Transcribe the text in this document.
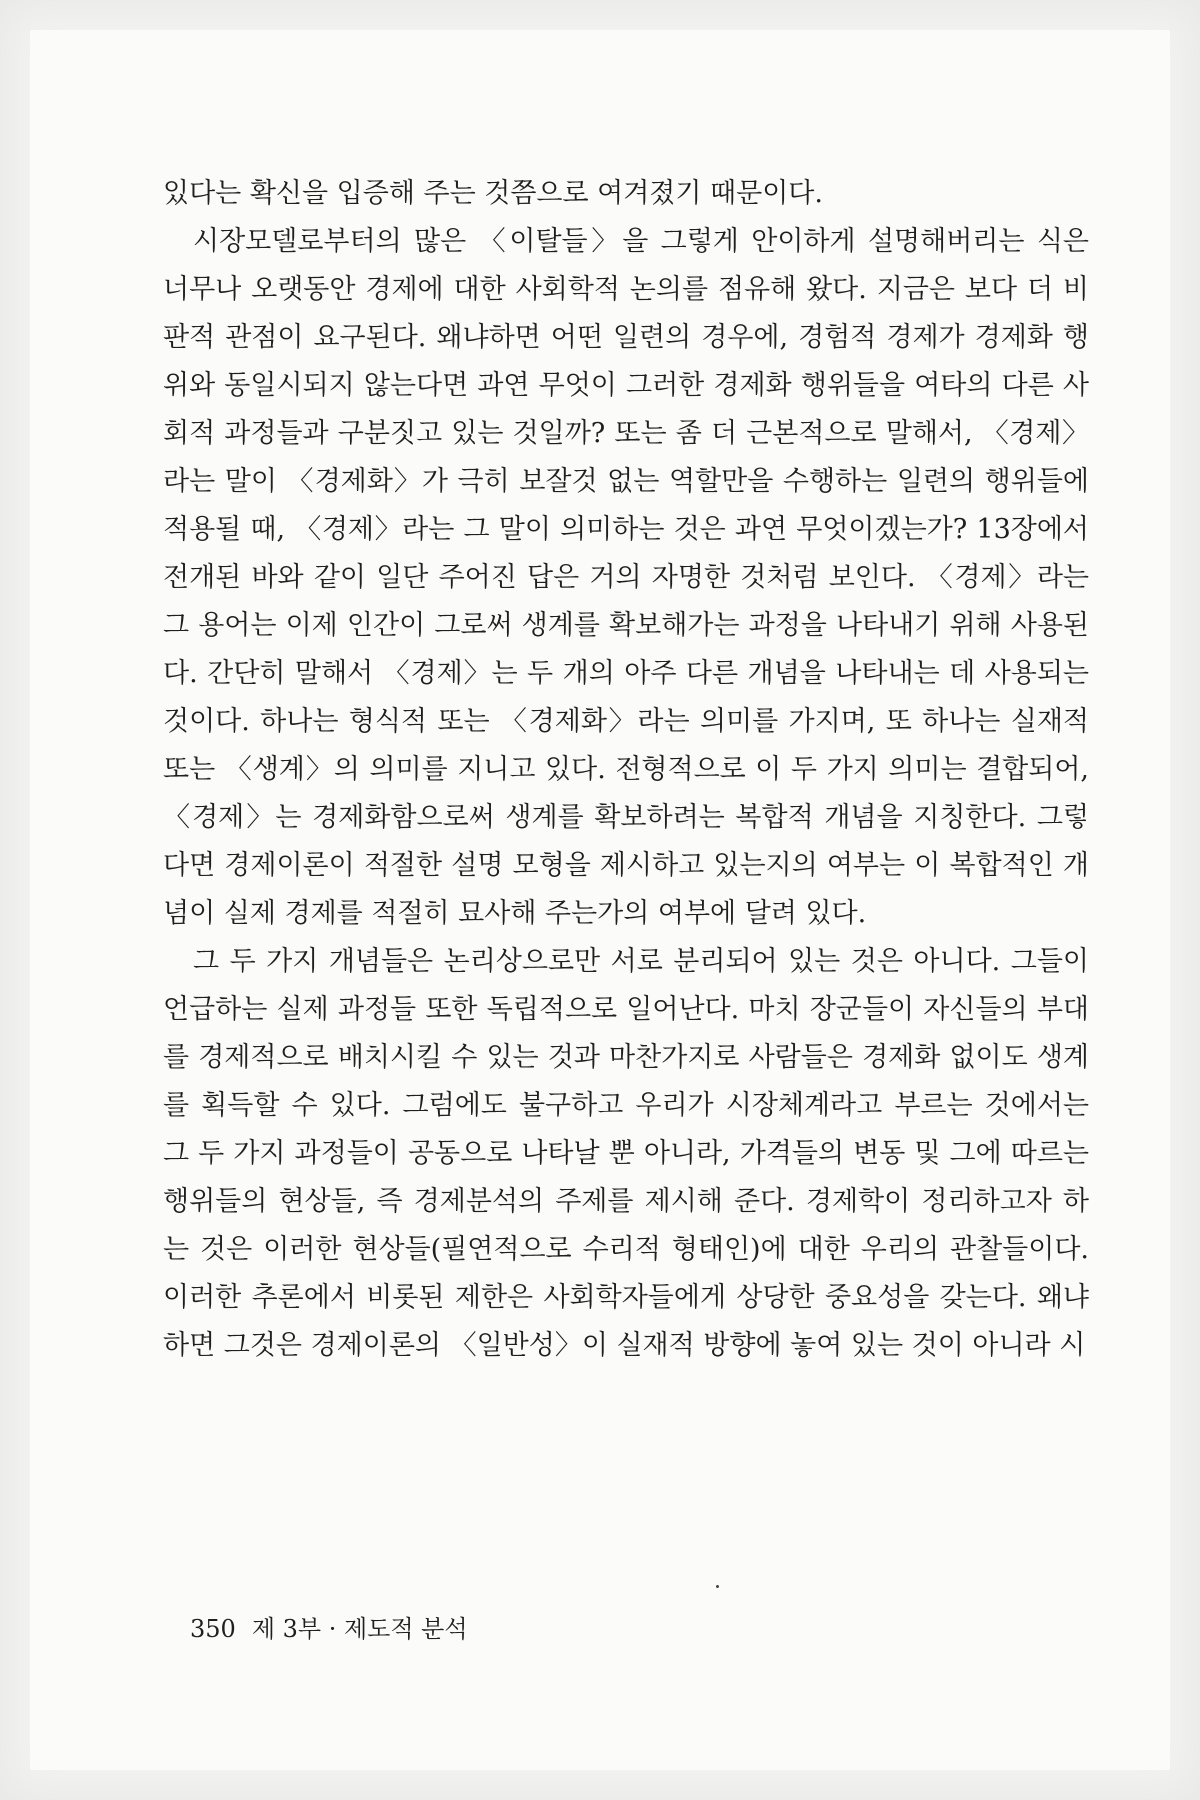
있다는 확신을 입증해 주는 것쯤으로 여겨졌기 때문이다.

시장모델로부터의 많은 〈이탈들〉을 그렇게 안이하게 설명해버리는 식은 너무나 오랫동안 경제에 대한 사회학적 논의를 점유해 왔다. 지금은 보다 더 비판적 관점이 요구된다. 왜냐하면 어떤 일련의 경우에, 경험적 경제가 경제화 행위와 동일시되지 않는다면 과연 무엇이 그러한 경제화 행위들을 여타의 다른 사회적 과정들과 구분짓고 있는 것일까? 또는 좀 더 근본적으로 말해서, 〈경제〉라는 말이 〈경제화〉가 극히 보잘것 없는 역할만을 수행하는 일련의 행위들에 적용될 때, 〈경제〉라는 그 말이 의미하는 것은 과연 무엇이겠는가? 13장에서 전개된 바와 같이 일단 주어진 답은 거의 자명한 것처럼 보인다. 〈경제〉라는 그 용어는 이제 인간이 그로써 생계를 확보해가는 과정을 나타내기 위해 사용된다. 간단히 말해서 〈경제〉는 두 개의 아주 다른 개념을 나타내는 데 사용되는 것이다. 하나는 형식적 또는 〈경제화〉라는 의미를 가지며, 또 하나는 실재적 또는 〈생계〉의 의미를 지니고 있다. 전형적으로 이 두 가지 의미는 결합되어, 〈경제〉는 경제화함으로써 생계를 확보하려는 복합적 개념을 지칭한다. 그렇다면 경제이론이 적절한 설명 모형을 제시하고 있는지의 여부는 이 복합적인 개념이 실제 경제를 적절히 묘사해 주는가의 여부에 달려 있다.

그 두 가지 개념들은 논리상으로만 서로 분리되어 있는 것은 아니다. 그들이 언급하는 실제 과정들 또한 독립적으로 일어난다. 마치 장군들이 자신들의 부대를 경제적으로 배치시킬 수 있는 것과 마찬가지로 사람들은 경제화 없이도 생계를 획득할 수 있다. 그럼에도 불구하고 우리가 시장체계라고 부르는 것에서는 그 두 가지 과정들이 공동으로 나타날 뿐 아니라, 가격들의 변동 및 그에 따르는 행위들의 현상들, 즉 경제분석의 주제를 제시해 준다. 경제학이 정리하고자 하는 것은 이러한 현상들(필연적으로 수리적 형태인)에 대한 우리의 관찰들이다. 이러한 추론에서 비롯된 제한은 사회학자들에게 상당한 중요성을 갖는다. 왜냐하면 그것은 경제이론의 〈일반성〉이 실재적 방향에 놓여 있는 것이 아니라 시

350 제 3부 · 제도적 분석
